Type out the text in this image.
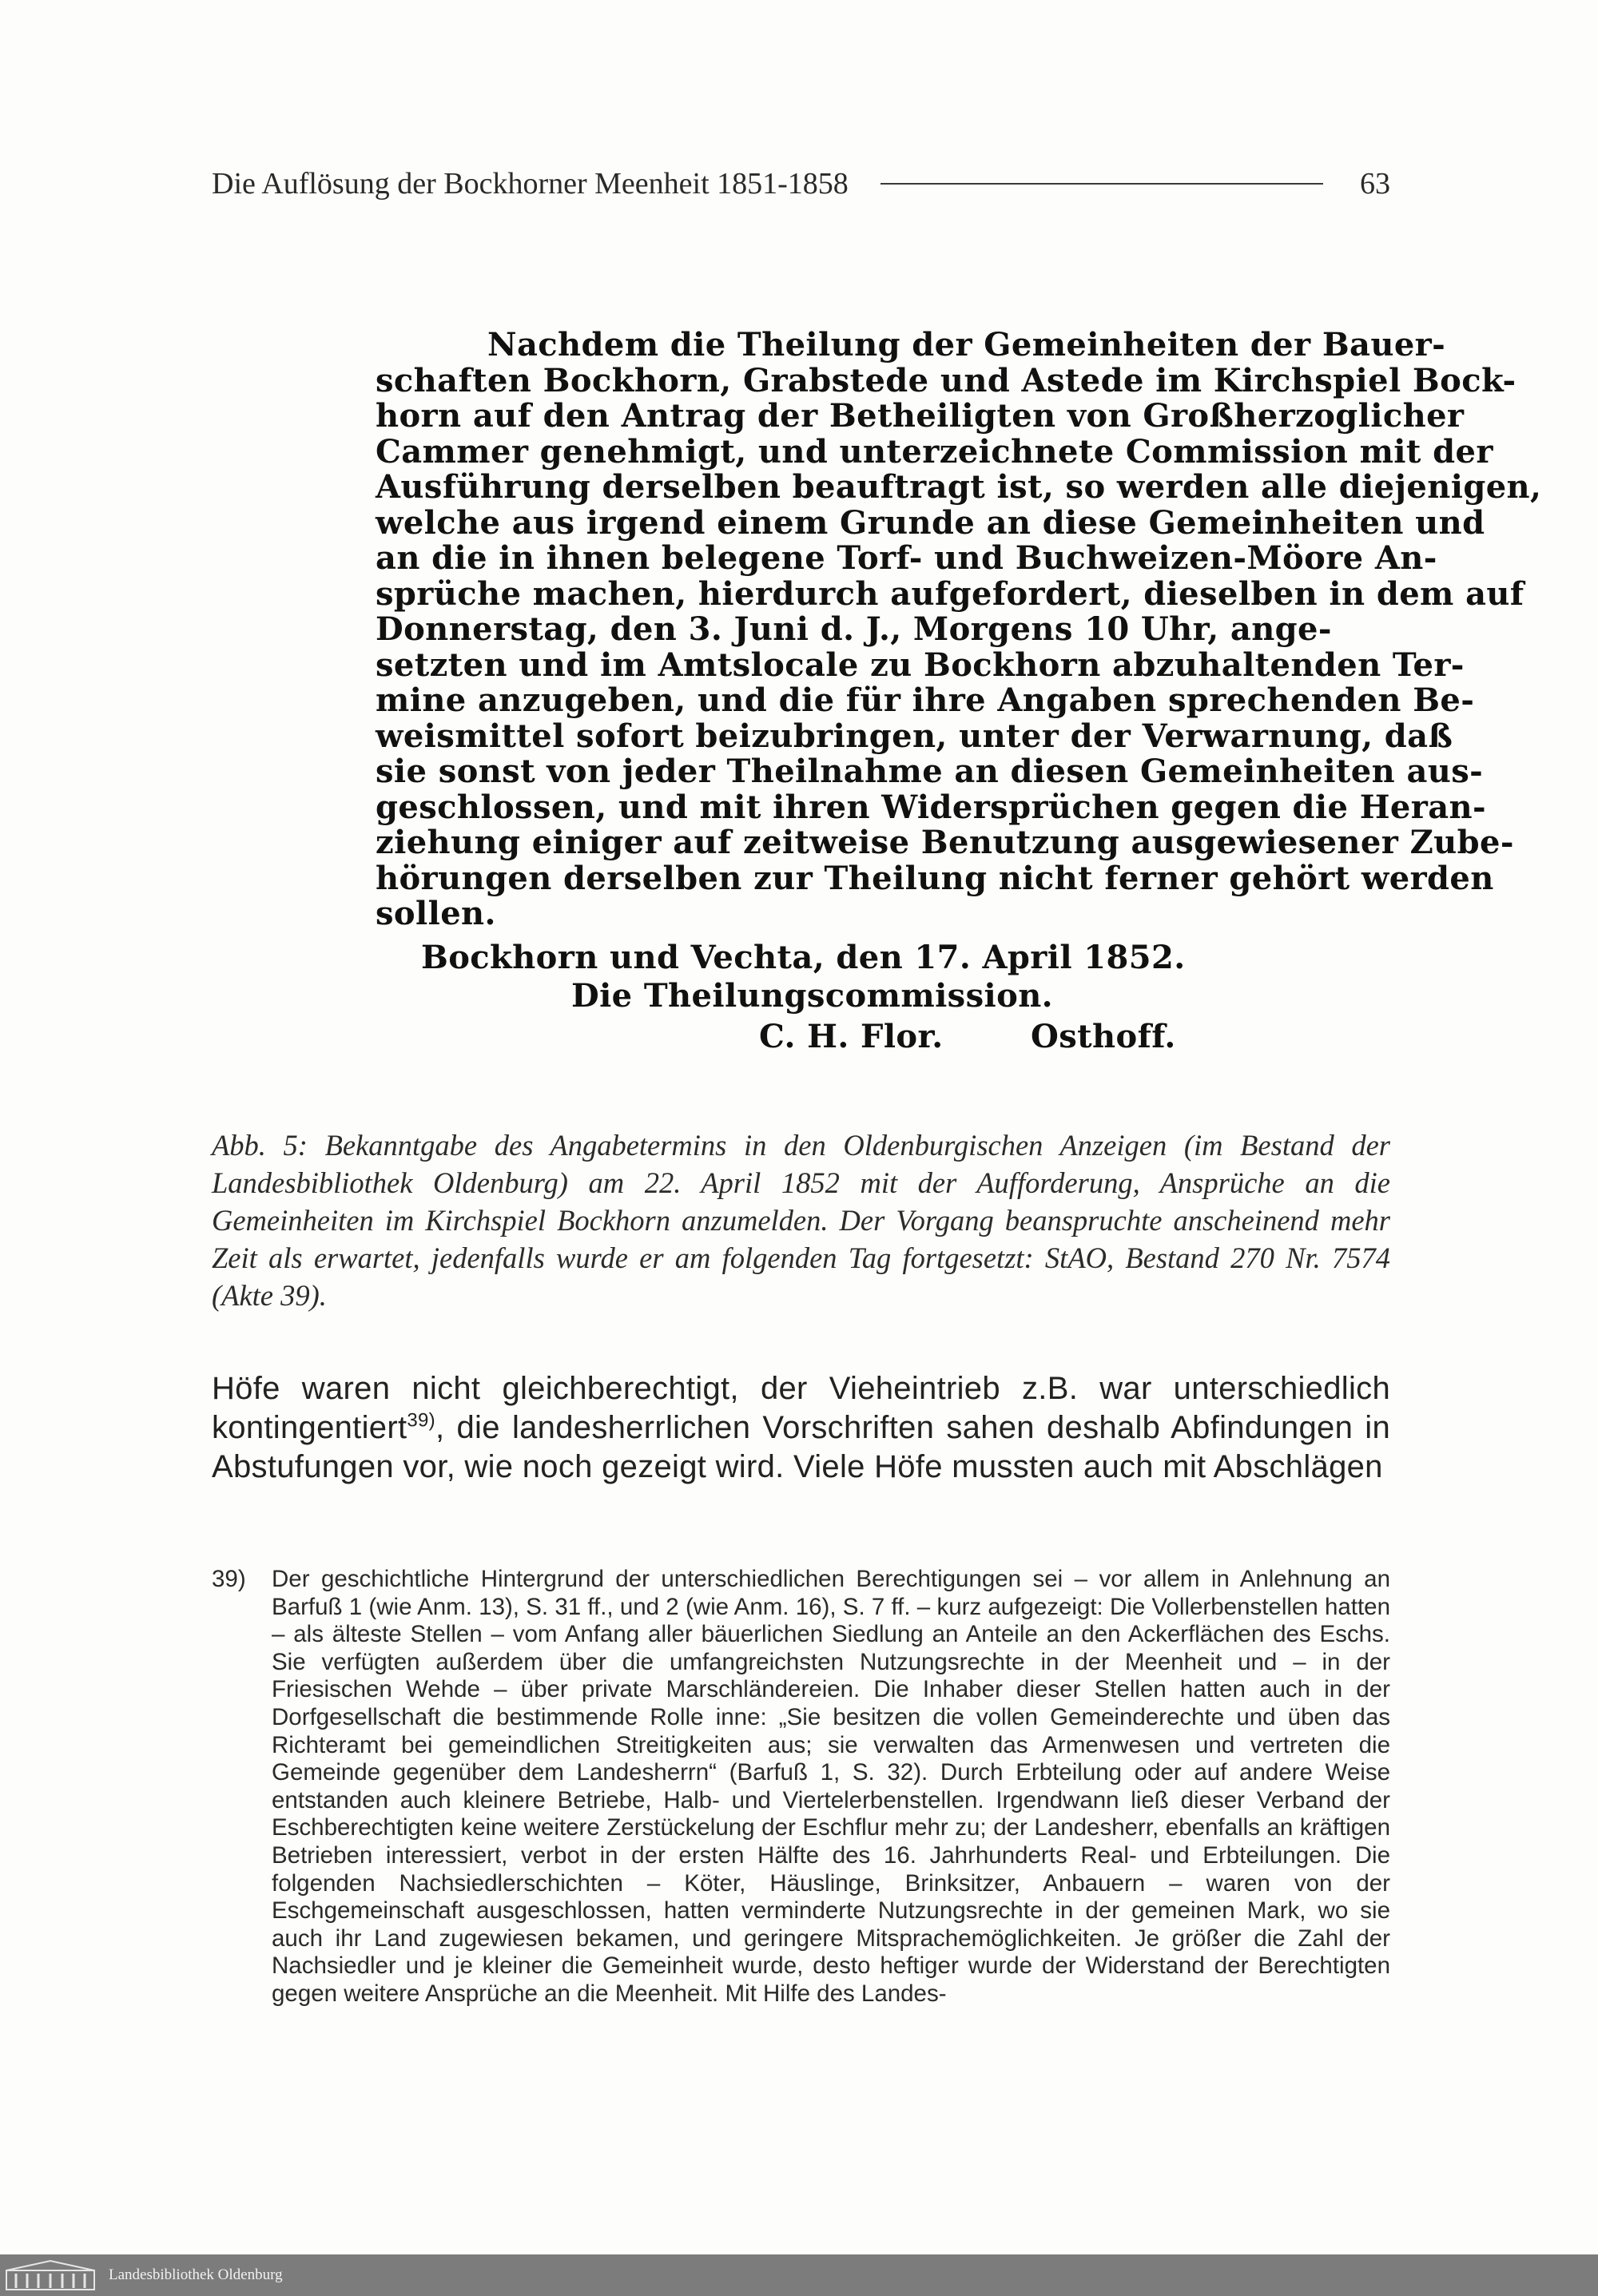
Die Auflösung der Bockhorner Meenheit 1851-1858	63
Nachdem die Theilung der Gemeinheiten der Bauer-
schaften Bockhorn, Grabstede und Astede im Kirchspiel Bock-
horn auf den Antrag der Betheiligten von Großherzoglicher
Cammer genehmigt, und unterzeichnete Commission mit der
Ausführung derselben beauftragt ist, so werden alle diejenigen,
welche aus irgend einem Grunde an diese Gemeinheiten und
an die in ihnen belegene Torf- und Buchweizen-Möore An-
sprüche machen, hierdurch aufgefordert, dieselben in dem auf
Donnerstag, den 3. Juni d. J., Morgens 10 Uhr, ange-
setzten und im Amtslocale zu Bockhorn abzuhaltenden Ter-
mine anzugeben, und die für ihre Angaben sprechenden Be-
weismittel sofort beizubringen, unter der Verwarnung, daß
sie sonst von jeder Theilnahme an diesen Gemeinheiten aus-
geschlossen, und mit ihren Widersprüchen gegen die Heran-
ziehung einiger auf zeitweise Benutzung ausgewiesener Zube-
hörungen derselben zur Theilung nicht ferner gehört werden
sollen.
Bockhorn und Vechta, den 17. April 1852.
Die Theilungscommission.
C. H. Flor.	Osthoff.
Abb. 5: Bekanntgabe des Angabetermins in den Oldenburgischen Anzeigen (im Bestand der Landesbibliothek Oldenburg) am 22. April 1852 mit der Aufforderung, Ansprüche an die Gemeinheiten im Kirchspiel Bockhorn anzumelden. Der Vorgang beanspruchte anscheinend mehr Zeit als erwartet, jedenfalls wurde er am folgenden Tag fortgesetzt: StAO, Bestand 270 Nr. 7574 (Akte 39).
Höfe waren nicht gleichberechtigt, der Vieheintrieb z.B. war unterschiedlich kontingentiert$^{39)}$, die landesherrlichen Vorschriften sahen deshalb Abfindungen in Abstufungen vor, wie noch gezeigt wird. Viele Höfe mussten auch mit Abschlägen
39)	Der geschichtliche Hintergrund der unterschiedlichen Berechtigungen sei – vor allem in Anlehnung an Barfuß 1 (wie Anm. 13), S. 31 ff., und 2 (wie Anm. 16), S. 7 ff. – kurz aufgezeigt: Die Vollerbenstellen hatten – als älteste Stellen – vom Anfang aller bäuerlichen Siedlung an Anteile an den Ackerflächen des Eschs. Sie verfügten außerdem über die umfangreichsten Nutzungsrechte in der Meenheit und – in der Friesischen Wehde – über private Marschländereien. Die Inhaber dieser Stellen hatten auch in der Dorfgesellschaft die bestimmende Rolle inne: „Sie besitzen die vollen Gemeinderechte und üben das Richteramt bei gemeindlichen Streitigkeiten aus; sie verwalten das Armenwesen und vertreten die Gemeinde gegenüber dem Landesherrn“ (Barfuß 1, S. 32). Durch Erbteilung oder auf andere Weise entstanden auch kleinere Betriebe, Halb- und Viertelerbenstellen. Irgendwann ließ dieser Verband der Eschberechtigten keine weitere Zerstückelung der Eschflur mehr zu; der Landesherr, ebenfalls an kräftigen Betrieben interessiert, verbot in der ersten Hälfte des 16. Jahrhunderts Real- und Erbteilungen. Die folgenden Nachsiedlerschichten – Köter, Häuslinge, Brinksitzer, Anbauern – waren von der Eschgemeinschaft ausgeschlossen, hatten verminderte Nutzungsrechte in der gemeinen Mark, wo sie auch ihr Land zugewiesen bekamen, und geringere Mitsprachemöglichkeiten. Je größer die Zahl der Nachsiedler und je kleiner die Gemeinheit wurde, desto heftiger wurde der Widerstand der Berechtigten gegen weitere Ansprüche an die Meenheit. Mit Hilfe des Landes-
Landesbibliothek Oldenburg
